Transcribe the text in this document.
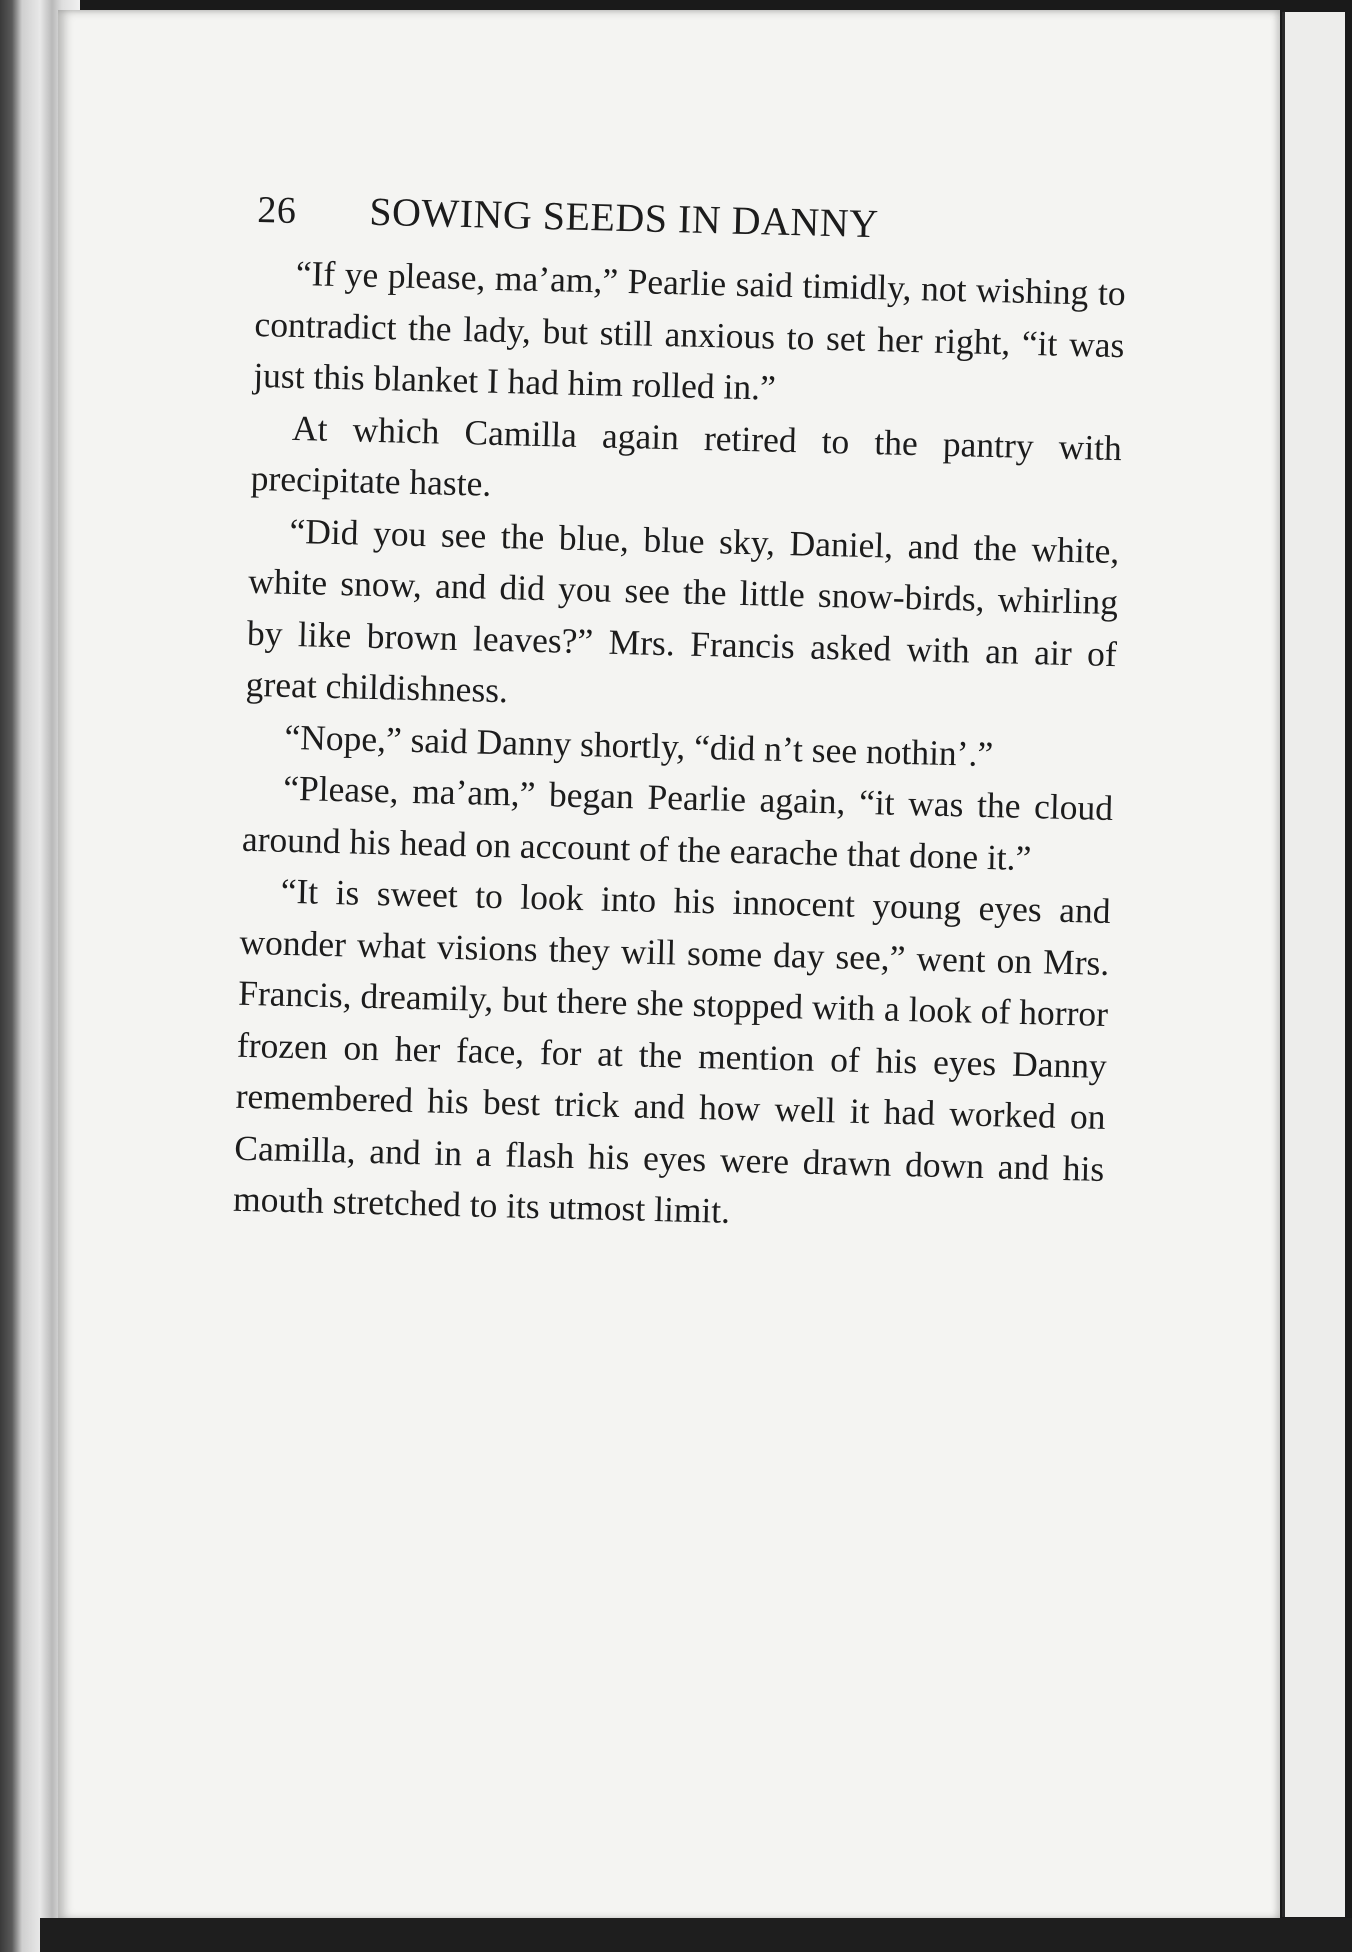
26	SOWING SEEDS IN DANNY

“If ye please, ma’am,” Pearlie said timidly, not wishing to contradict the lady, but still anxious to set her right, “it was just this blanket I had him rolled in.”

At which Camilla again retired to the pantry with precipitate haste.

“Did you see the blue, blue sky, Daniel, and the white, white snow, and did you see the little snow-birds, whirling by like brown leaves?” Mrs. Francis asked with an air of great childishness.

“Nope,” said Danny shortly, “did n’t see nothin’.”

“Please, ma’am,” began Pearlie again, “it was the cloud around his head on account of the earache that done it.”

“It is sweet to look into his innocent young eyes and wonder what visions they will some day see,” went on Mrs. Francis, dreamily, but there she stopped with a look of horror frozen on her face, for at the mention of his eyes Danny remembered his best trick and how well it had worked on Camilla, and in a flash his eyes were drawn down and his mouth stretched to its utmost limit.
